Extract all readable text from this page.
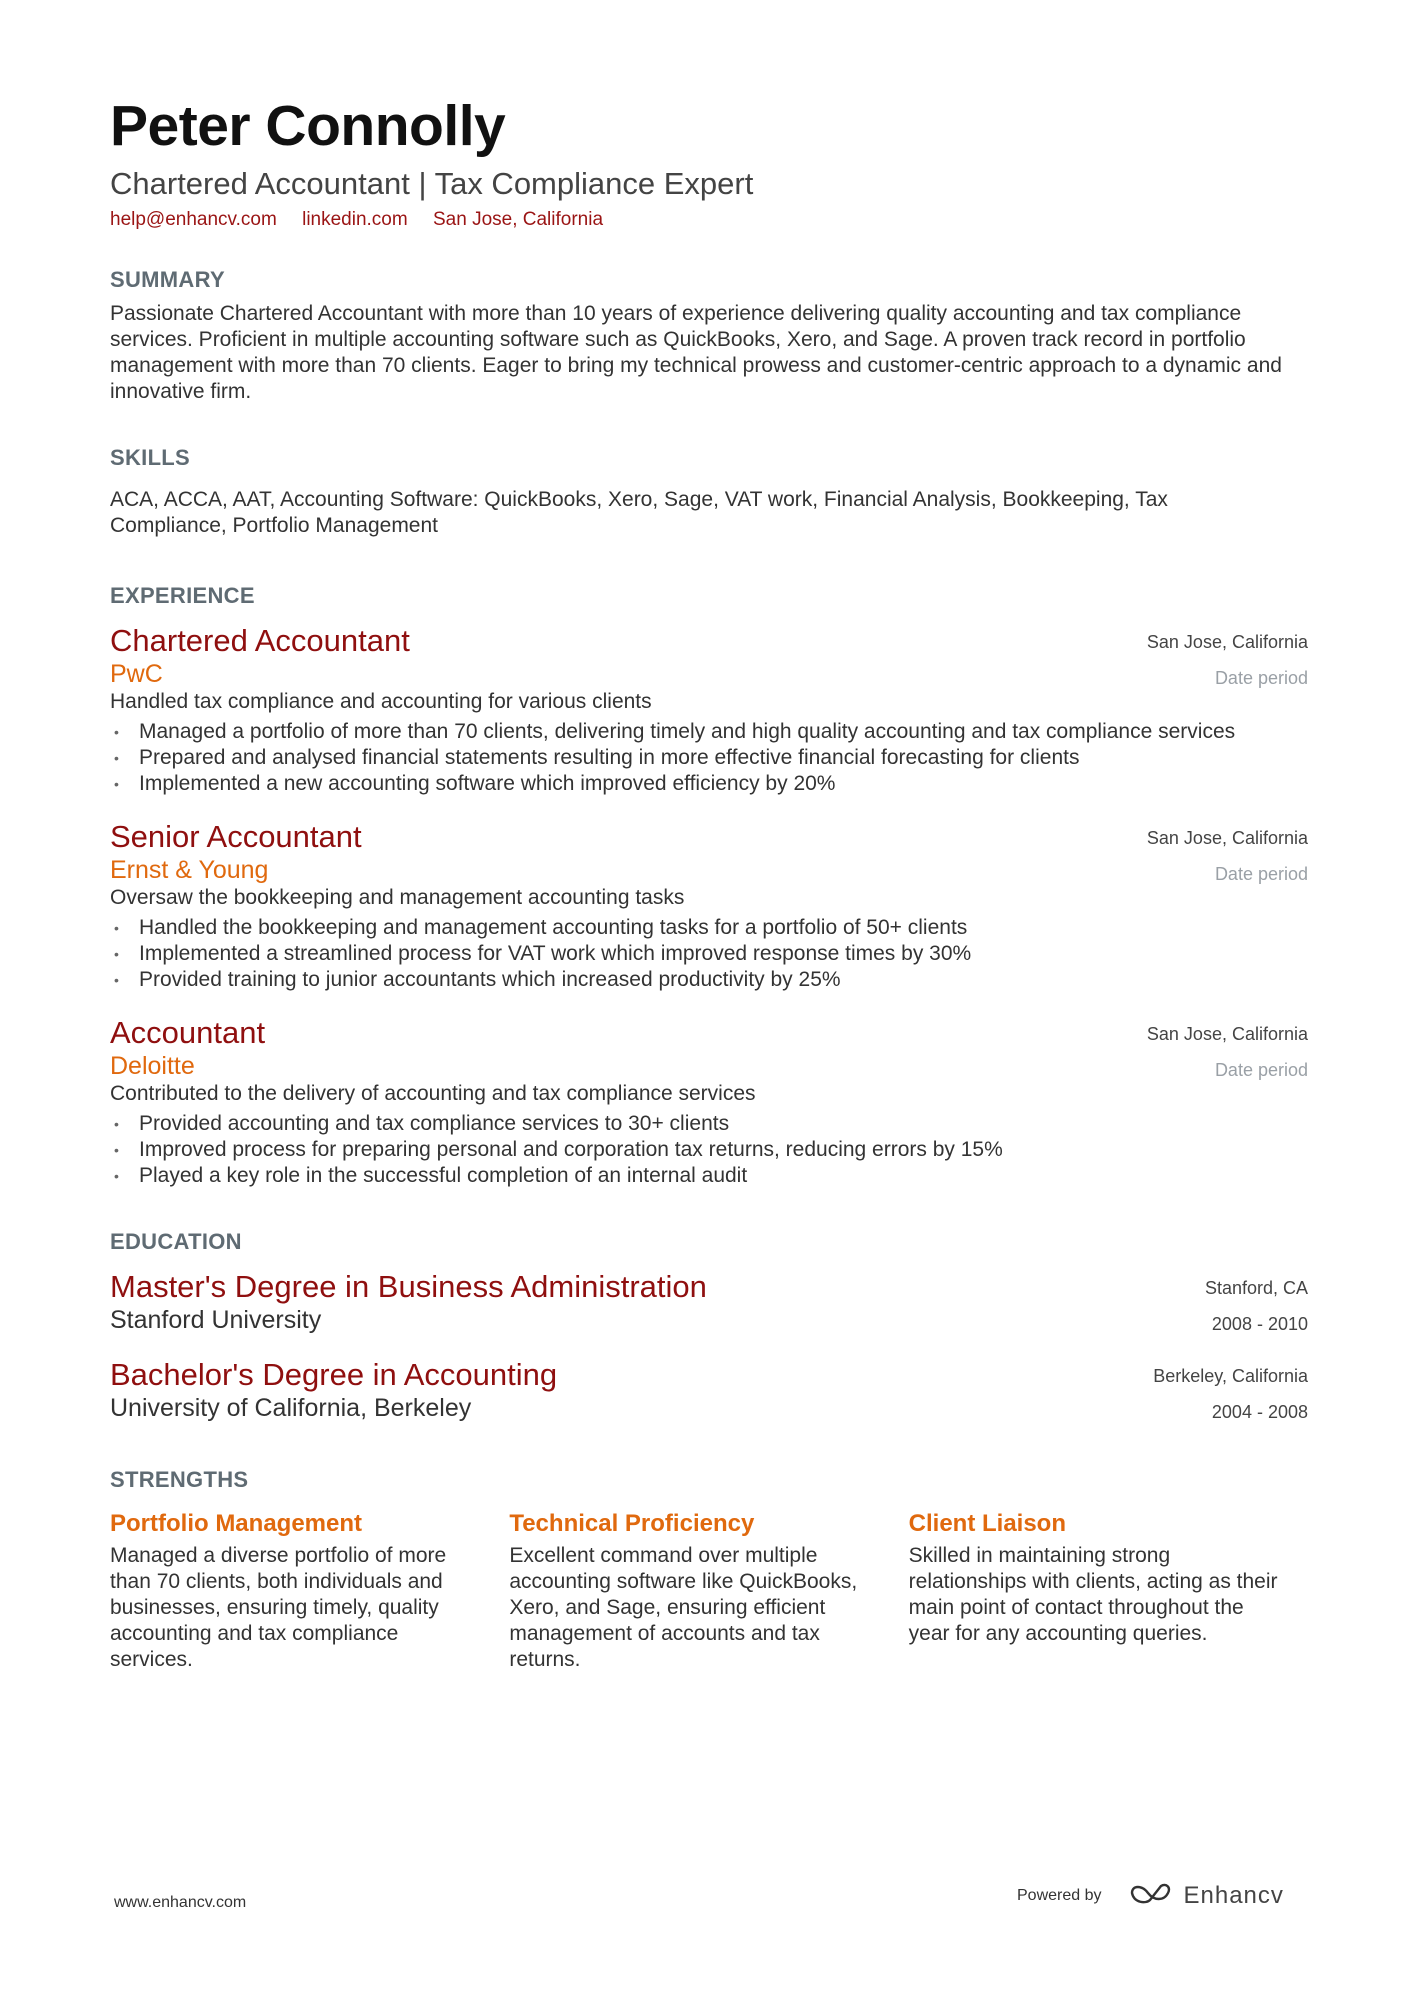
Peter Connolly
Chartered Accountant | Tax Compliance Expert
help@enhancv.com linkedin.com San Jose, California
SUMMARY
Passionate Chartered Accountant with more than 10 years of experience delivering quality accounting and tax compliance services. Proficient in multiple accounting software such as QuickBooks, Xero, and Sage. A proven track record in portfolio management with more than 70 clients. Eager to bring my technical prowess and customer-centric approach to a dynamic and innovative firm.
SKILLS
ACA, ACCA, AAT, Accounting Software: QuickBooks, Xero, Sage, VAT work, Financial Analysis, Bookkeeping, Tax Compliance, Portfolio Management
EXPERIENCE
Chartered Accountant
PwC
San Jose, California
Date period
Handled tax compliance and accounting for various clients
• Managed a portfolio of more than 70 clients, delivering timely and high quality accounting and tax compliance services
• Prepared and analysed financial statements resulting in more effective financial forecasting for clients
• Implemented a new accounting software which improved efficiency by 20%
Senior Accountant
Ernst & Young
San Jose, California
Date period
Oversaw the bookkeeping and management accounting tasks
• Handled the bookkeeping and management accounting tasks for a portfolio of 50+ clients
• Implemented a streamlined process for VAT work which improved response times by 30%
• Provided training to junior accountants which increased productivity by 25%
Accountant
Deloitte
San Jose, California
Date period
Contributed to the delivery of accounting and tax compliance services
• Provided accounting and tax compliance services to 30+ clients
• Improved process for preparing personal and corporation tax returns, reducing errors by 15%
• Played a key role in the successful completion of an internal audit
EDUCATION
Master's Degree in Business Administration
Stanford University
Stanford, CA
2008 - 2010
Bachelor's Degree in Accounting
University of California, Berkeley
Berkeley, California
2004 - 2008
STRENGTHS
Portfolio Management
Managed a diverse portfolio of more than 70 clients, both individuals and businesses, ensuring timely, quality accounting and tax compliance services.
Technical Proficiency
Excellent command over multiple accounting software like QuickBooks, Xero, and Sage, ensuring efficient management of accounts and tax returns.
Client Liaison
Skilled in maintaining strong relationships with clients, acting as their main point of contact throughout the year for any accounting queries.
www.enhancv.com	Powered by	Enhancv
